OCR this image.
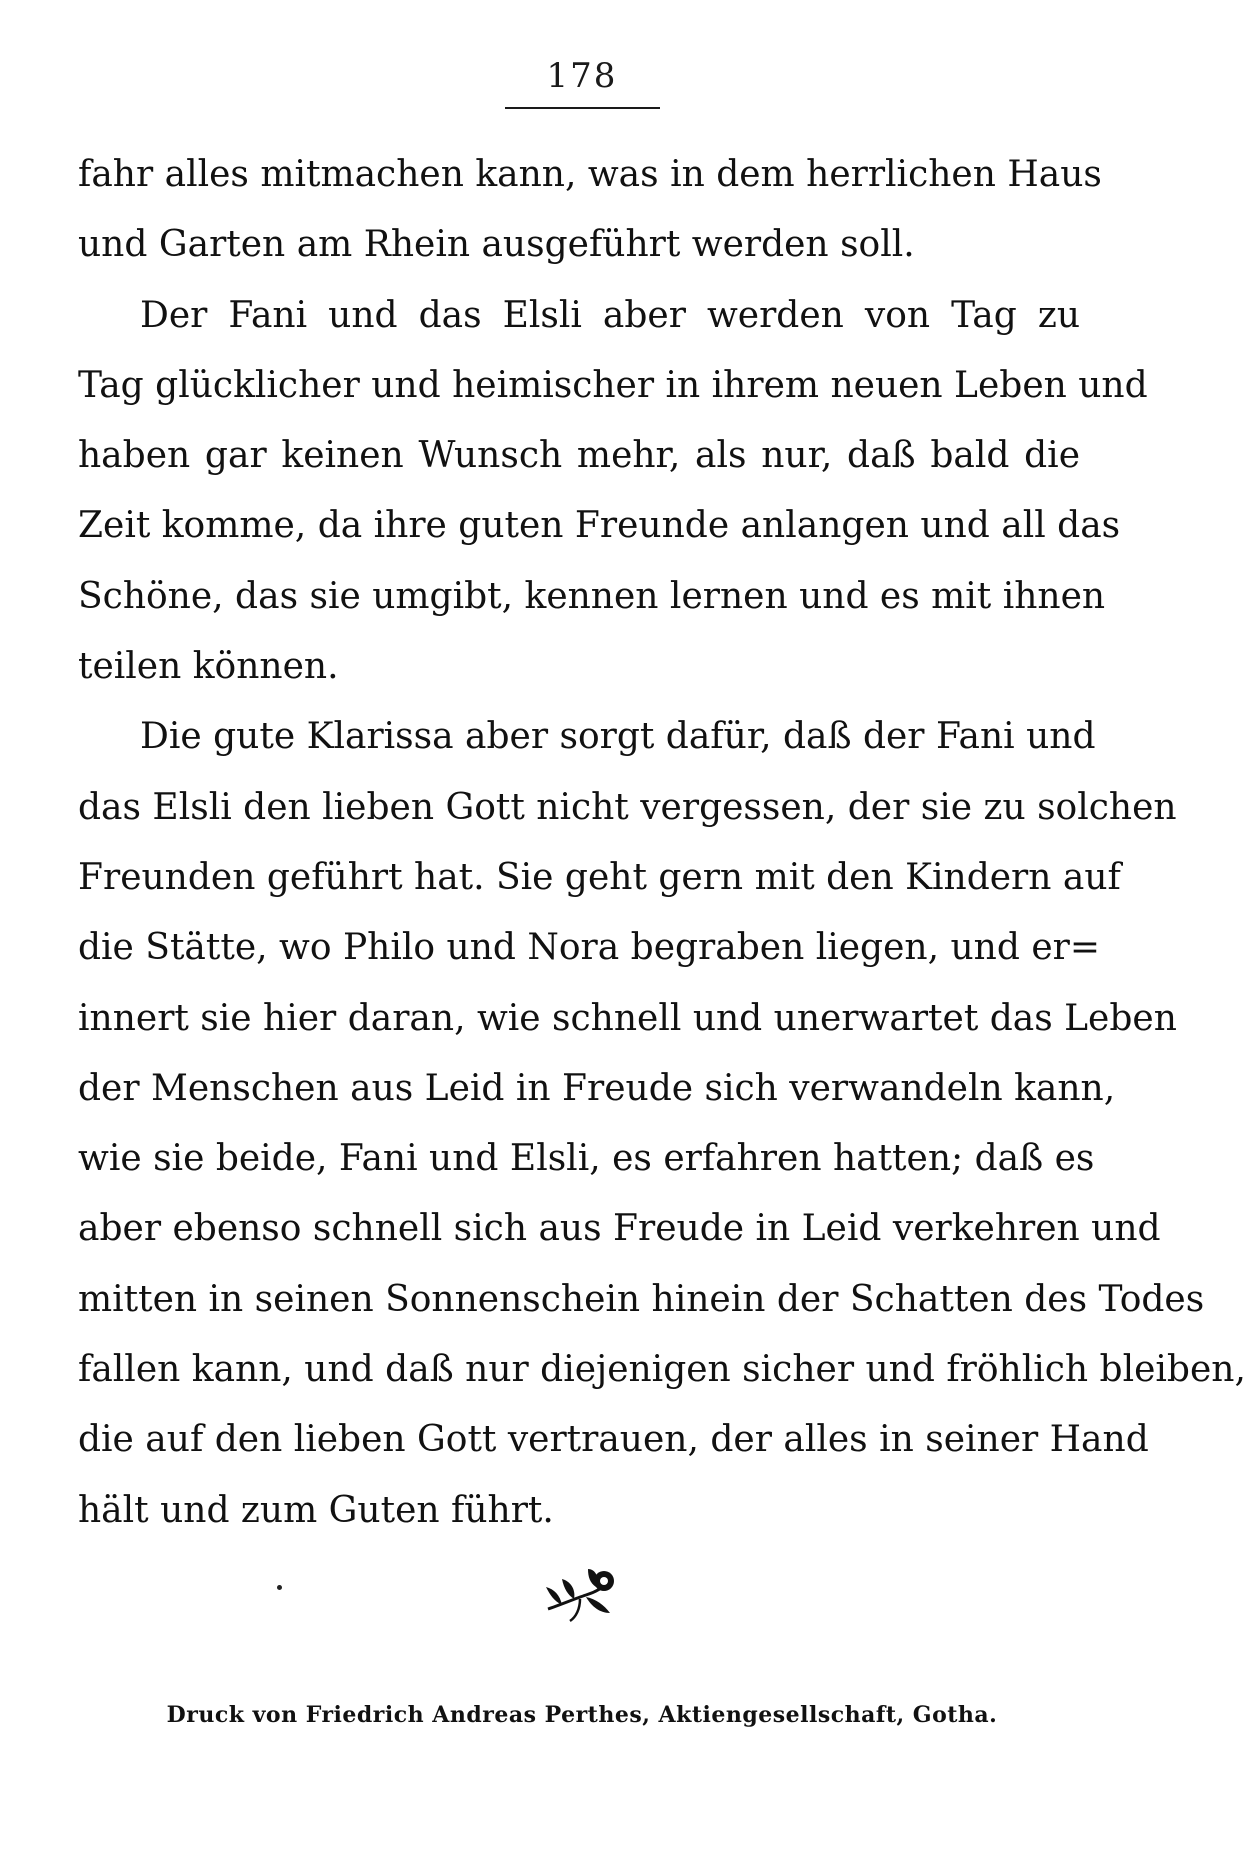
178
fahr alles mitmachen kann, was in dem herrlichen Haus
und Garten am Rhein ausgeführt werden soll.
Der Fani und das Elsli aber werden von Tag zu
Tag glücklicher und heimischer in ihrem neuen Leben und
haben gar keinen Wunsch mehr, als nur, daß bald die
Zeit komme, da ihre guten Freunde anlangen und all das
Schöne, das sie umgibt, kennen lernen und es mit ihnen
teilen können.
Die gute Klarissa aber sorgt dafür, daß der Fani und
das Elsli den lieben Gott nicht vergessen, der sie zu solchen
Freunden geführt hat. Sie geht gern mit den Kindern auf
die Stätte, wo Philo und Nora begraben liegen, und er=
innert sie hier daran, wie schnell und unerwartet das Leben
der Menschen aus Leid in Freude sich verwandeln kann,
wie sie beide, Fani und Elsli, es erfahren hatten; daß es
aber ebenso schnell sich aus Freude in Leid verkehren und
mitten in seinen Sonnenschein hinein der Schatten des Todes
fallen kann, und daß nur diejenigen sicher und fröhlich bleiben,
die auf den lieben Gott vertrauen, der alles in seiner Hand
hält und zum Guten führt.
Druck von Friedrich Andreas Perthes, Aktiengesellschaft, Gotha.
